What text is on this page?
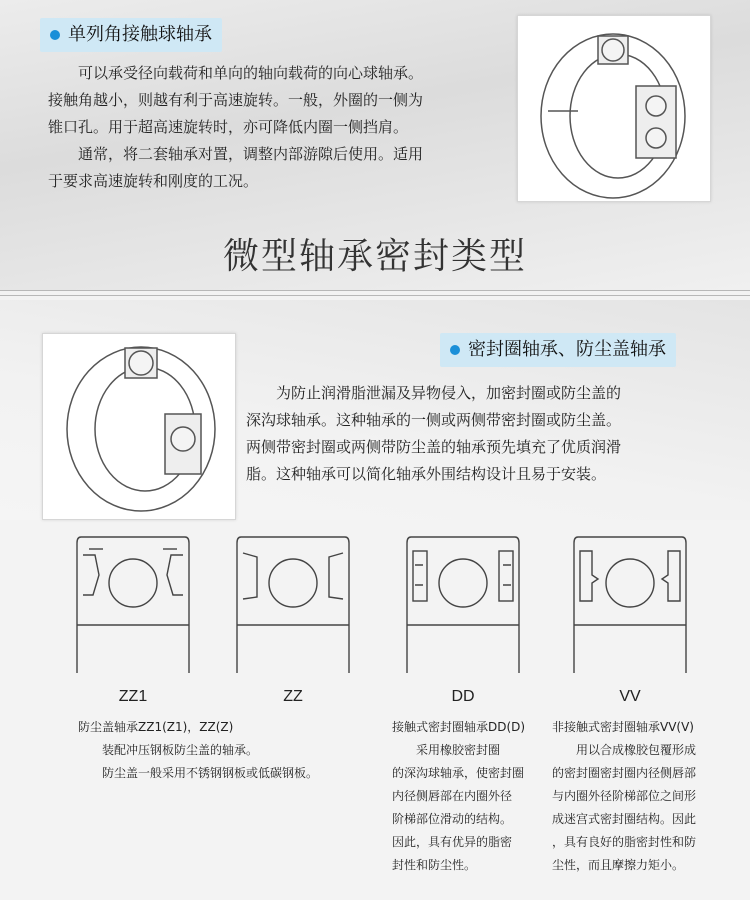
单列角接触球轴承

可以承受径向载荷和单向的轴向载荷的向心球轴承。

接触角越小，则越有利于高速旋转。一般，外圈的一侧为

锥口孔。用于超高速旋转时，亦可降低内圈一侧挡肩。

通常，将二套轴承对置，调整内部游隙后使用。适用

于要求高速旋转和刚度的工况。

微型轴承密封类型
密封圈轴承、防尘盖轴承

为防止润滑脂泄漏及异物侵入，加密封圈或防尘盖的

深沟球轴承。这种轴承的一侧或两侧带密封圈或防尘盖。

两侧带密封圈或两侧带防尘盖的轴承预先填充了优质润滑

脂。这种轴承可以简化轴承外围结构设计且易于安装。

ZZ1	ZZ	DD	VV

防尘盖轴承ZZ1(Z1)，ZZ(Z)

装配冲压钢板防尘盖的轴承。

防尘盖一般采用不锈钢钢板或低碳钢板。

接触式密封圈轴承DD(D)

采用橡胶密封圈

的深沟球轴承，使密封圈

内径侧唇部在内圈外径

阶梯部位滑动的结构。

因此，具有优异的脂密

封性和防尘性。

非接触式密封圈轴承VV(V)

用以合成橡胶包覆形成

的密封圈密封圈内径侧唇部

与内圈外径阶梯部位之间形

成迷宫式密封圈结构。因此

，具有良好的脂密封性和防

尘性，而且摩擦力矩小。
